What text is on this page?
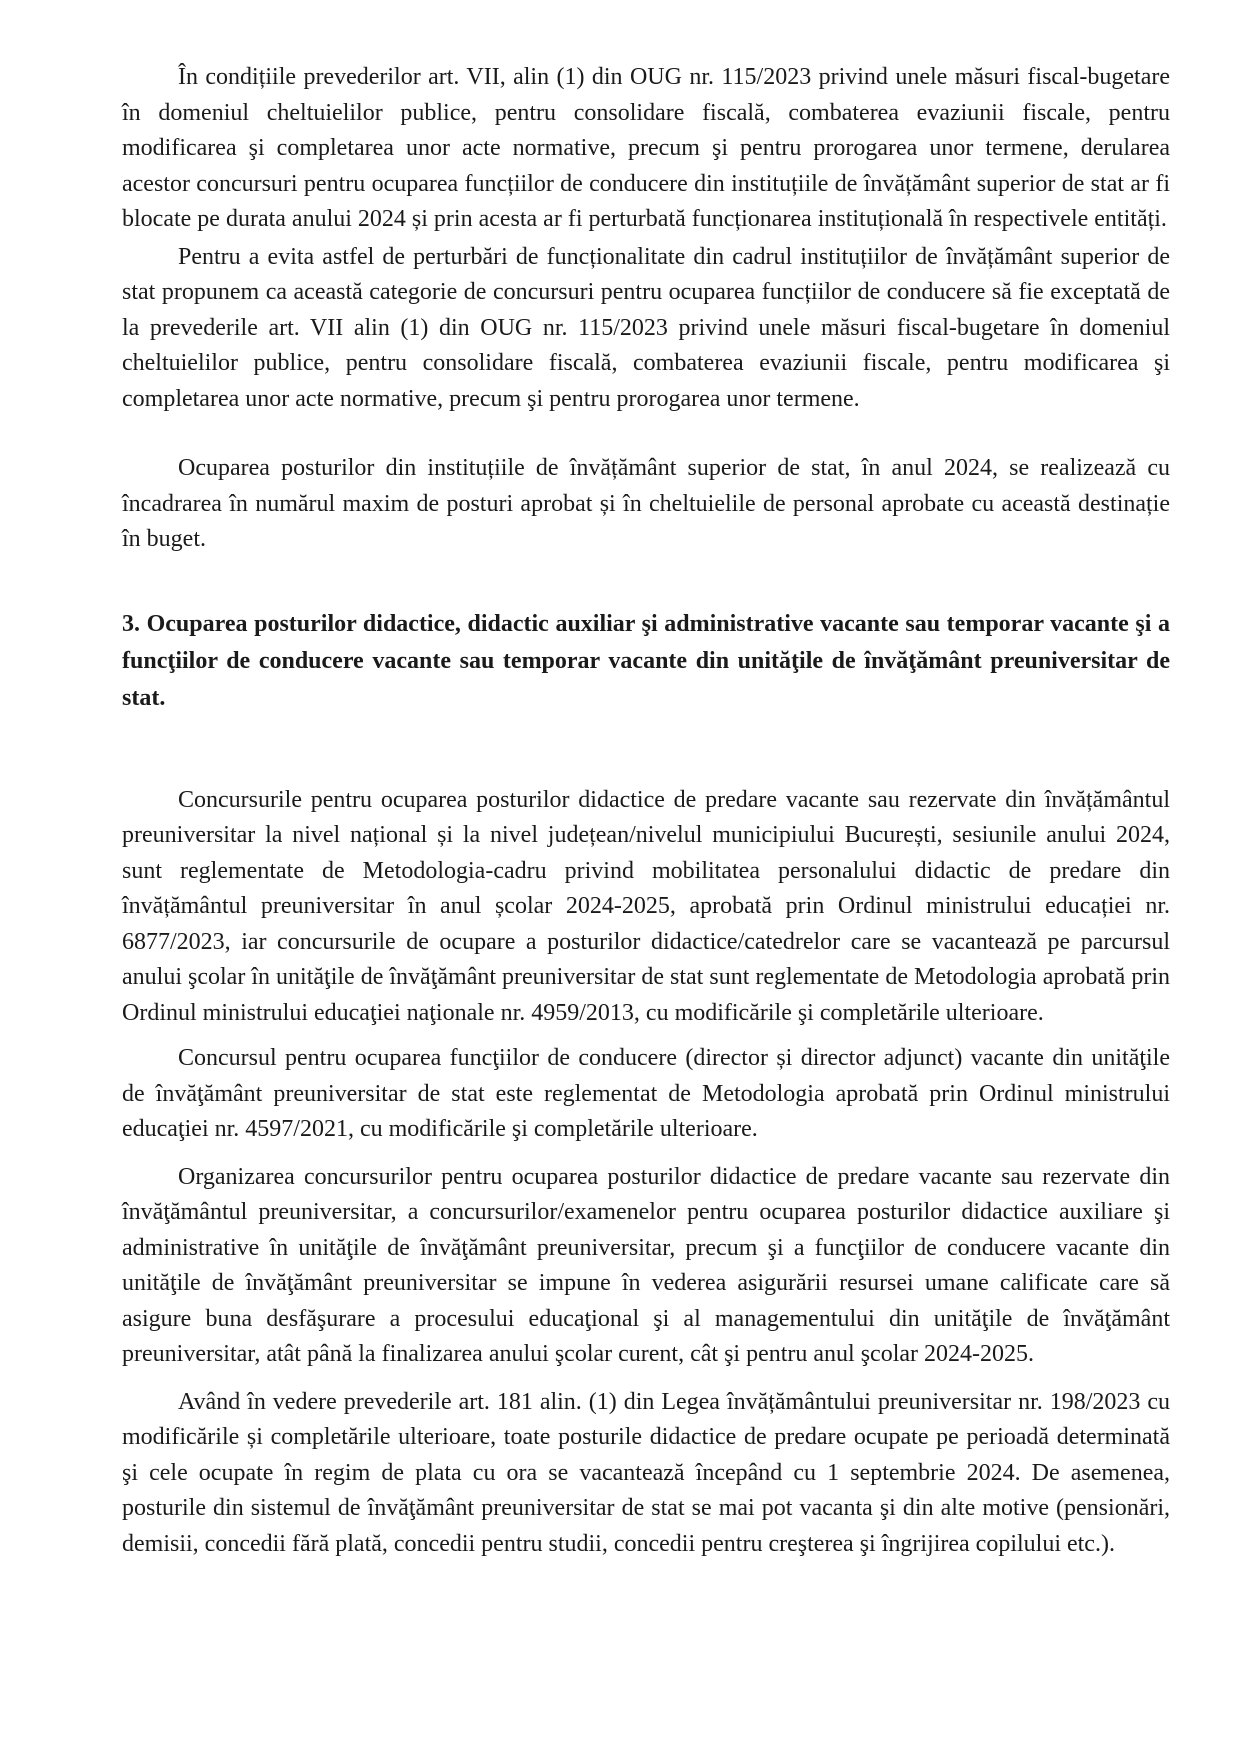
În condițiile prevederilor art. VII, alin (1) din OUG nr. 115/2023 privind unele măsuri fiscal-bugetare în domeniul cheltuielilor publice, pentru consolidare fiscală, combaterea evaziunii fiscale, pentru modificarea şi completarea unor acte normative, precum şi pentru prorogarea unor termene, derularea acestor concursuri pentru ocuparea funcțiilor de conducere din instituțiile de învățământ superior de stat ar fi blocate pe durata anului 2024 și prin acesta ar fi perturbată funcționarea instituțională în respectivele entități.

Pentru a evita astfel de perturbări de funcționalitate din cadrul instituțiilor de învățământ superior de stat propunem ca această categorie de concursuri pentru ocuparea funcțiilor de conducere să fie exceptată de la prevederile art. VII alin (1) din OUG nr. 115/2023 privind unele măsuri fiscal-bugetare în domeniul cheltuielilor publice, pentru consolidare fiscală, combaterea evaziunii fiscale, pentru modificarea şi completarea unor acte normative, precum şi pentru prorogarea unor termene.

Ocuparea posturilor din instituțiile de învățământ superior de stat, în anul 2024, se realizează cu încadrarea în numărul maxim de posturi aprobat și în cheltuielile de personal aprobate cu această destinație în buget.

3. Ocuparea posturilor didactice, didactic auxiliar şi administrative vacante sau temporar vacante şi a funcţiilor de conducere vacante sau temporar vacante din unităţile de învăţământ preuniversitar de stat.

Concursurile pentru ocuparea posturilor didactice de predare vacante sau rezervate din învățământul preuniversitar la nivel național și la nivel județean/nivelul municipiului București, sesiunile anului 2024, sunt reglementate de Metodologia-cadru privind mobilitatea personalului didactic de predare din învățământul preuniversitar în anul școlar 2024-2025, aprobată prin Ordinul ministrului educației nr. 6877/2023, iar concursurile de ocupare a posturilor didactice/catedrelor care se vacantează pe parcursul anului şcolar în unităţile de învăţământ preuniversitar de stat sunt reglementate de Metodologia aprobată prin Ordinul ministrului educaţiei naţionale nr. 4959/2013, cu modificările şi completările ulterioare.

Concursul pentru ocuparea funcţiilor de conducere (director și director adjunct) vacante din unităţile de învăţământ preuniversitar de stat este reglementat de Metodologia aprobată prin Ordinul ministrului educaţiei nr. 4597/2021, cu modificările şi completările ulterioare.

Organizarea concursurilor pentru ocuparea posturilor didactice de predare vacante sau rezervate din învăţământul preuniversitar, a concursurilor/examenelor pentru ocuparea posturilor didactice auxiliare şi administrative în unităţile de învăţământ preuniversitar, precum şi a funcţiilor de conducere vacante din unităţile de învăţământ preuniversitar se impune în vederea asigurării resursei umane calificate care să asigure buna desfăşurare a procesului educaţional şi al managementului din unităţile de învăţământ preuniversitar, atât până la finalizarea anului şcolar curent, cât şi pentru anul şcolar 2024-2025.

Având în vedere prevederile art. 181 alin. (1) din Legea învățământului preuniversitar nr. 198/2023 cu modificările și completările ulterioare, toate posturile didactice de predare ocupate pe perioadă determinată şi cele ocupate în regim de plata cu ora se vacantează începând cu 1 septembrie 2024. De asemenea, posturile din sistemul de învăţământ preuniversitar de stat se mai pot vacanta şi din alte motive (pensionări, demisii, concedii fără plată, concedii pentru studii, concedii pentru creşterea şi îngrijirea copilului etc.).
